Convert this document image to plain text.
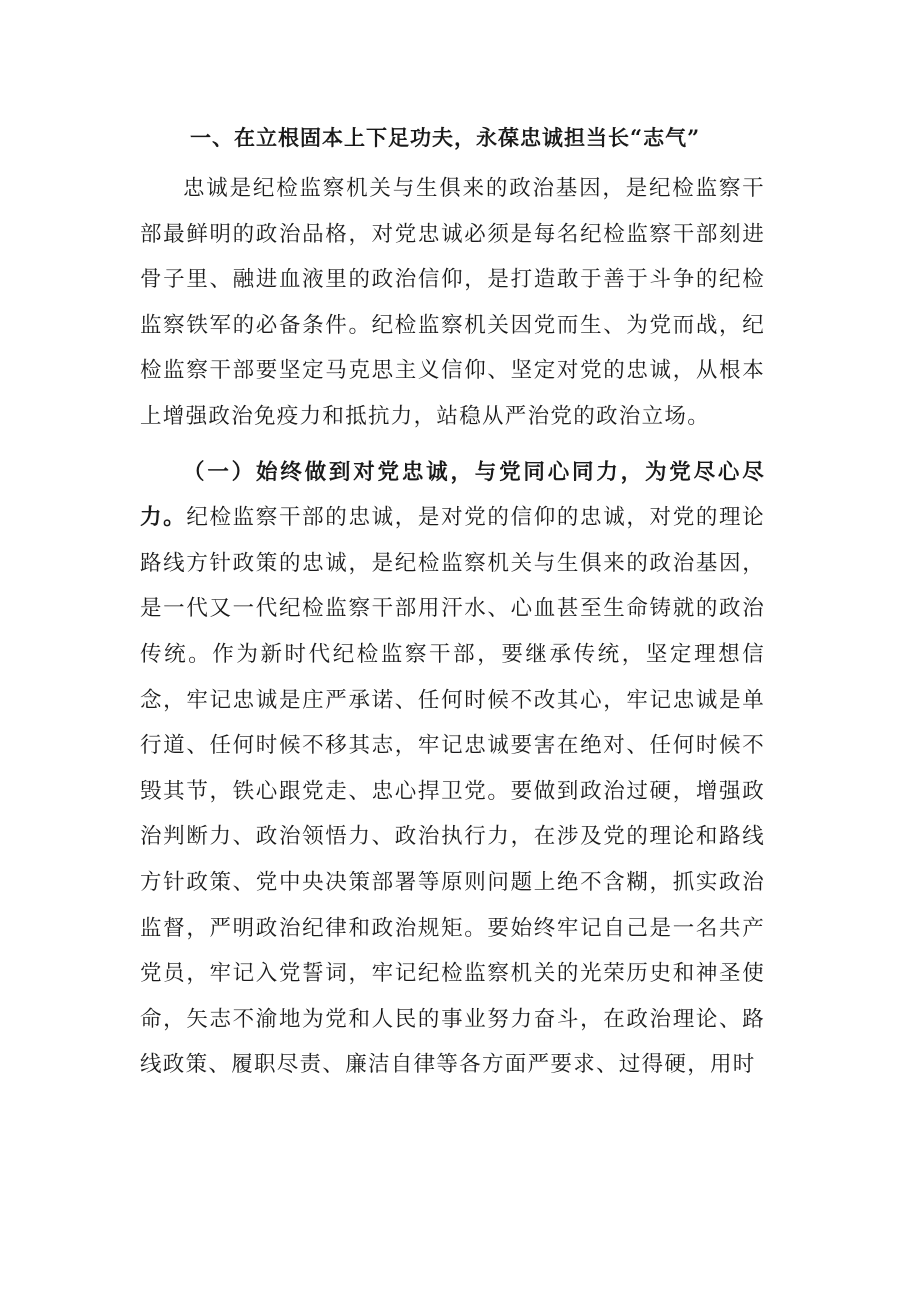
一、在立根固本上下足功夫，永葆忠诚担当长“志气”

忠诚是纪检监察机关与生俱来的政治基因，是纪检监察干部最鲜明的政治品格，对党忠诚必须是每名纪检监察干部刻进骨子里、融进血液里的政治信仰，是打造敢于善于斗争的纪检监察铁军的必备条件。纪检监察机关因党而生、为党而战，纪检监察干部要坚定马克思主义信仰、坚定对党的忠诚，从根本上增强政治免疫力和抵抗力，站稳从严治党的政治立场。

（一）始终做到对党忠诚，与党同心同力，为党尽心尽力。纪检监察干部的忠诚，是对党的信仰的忠诚，对党的理论路线方针政策的忠诚，是纪检监察机关与生俱来的政治基因，是一代又一代纪检监察干部用汗水、心血甚至生命铸就的政治传统。作为新时代纪检监察干部，要继承传统，坚定理想信念，牢记忠诚是庄严承诺、任何时候不改其心，牢记忠诚是单行道、任何时候不移其志，牢记忠诚要害在绝对、任何时候不毁其节，铁心跟党走、忠心捍卫党。要做到政治过硬，增强政治判断力、政治领悟力、政治执行力，在涉及党的理论和路线方针政策、党中央决策部署等原则问题上绝不含糊，抓实政治监督，严明政治纪律和政治规矩。要始终牢记自己是一名共产党员，牢记入党誓词，牢记纪检监察机关的光荣历史和神圣使命，矢志不渝地为党和人民的事业努力奋斗，在政治理论、路线政策、履职尽责、廉洁自律等各方面严要求、过得硬，用时
